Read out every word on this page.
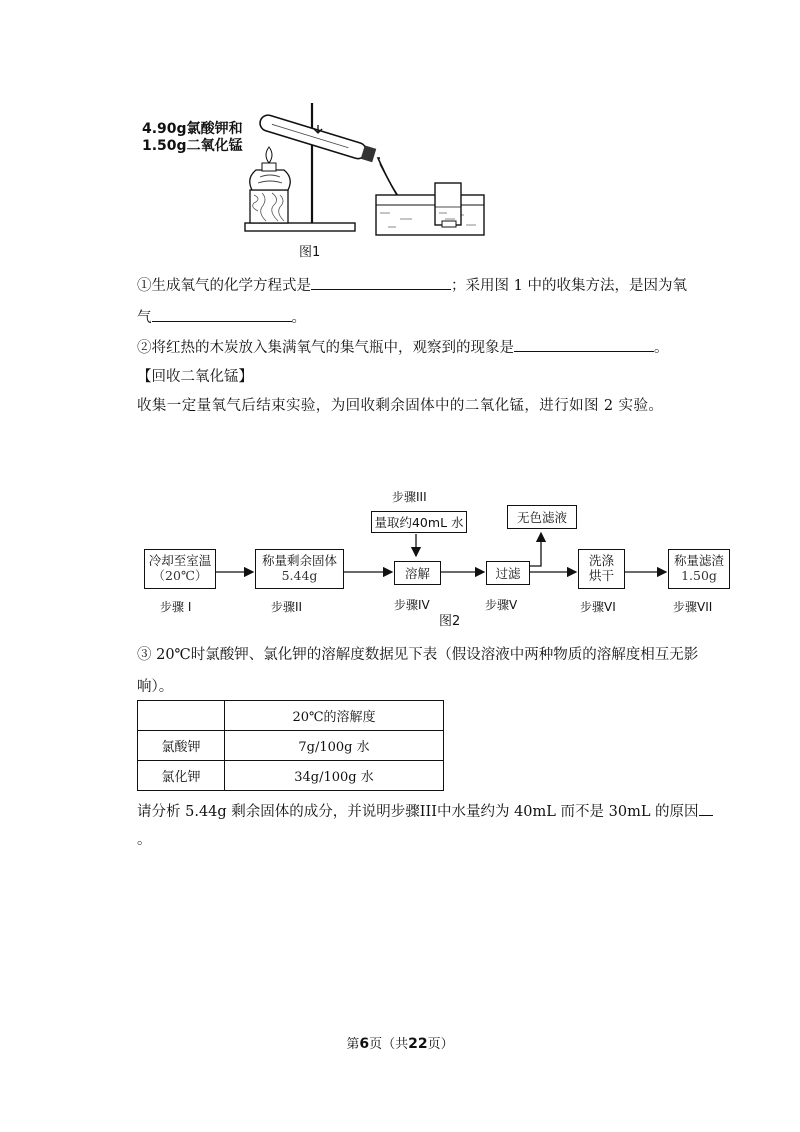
4.90g氯酸钾和
1.50g二氧化锰
图1
①生成氧气的化学方程式是	；采用图 1 中的收集方法，是因为氧
气	。
②将红热的木炭放入集满氧气的集气瓶中，观察到的现象是	。
【回收二氧化锰】
收集一定量氧气后结束实验，为回收剩余固体中的二氧化锰，进行如图 2 实验。
步骤III
量取约40mL 水	无色滤液
冷却至室温
（20℃）
步骤 I
称量剩余固体
5.44g
步骤II
溶解
步骤IV
过滤
步骤V
洗涤
烘干
步骤VI
称量滤渣
1.50g
步骤VII
图2
③ 20℃时氯酸钾、氯化钾的溶解度数据见下表（假设溶液中两种物质的溶解度相互无影
响）。
	20℃的溶解度
氯酸钾	7g/100g 水
氯化钾	34g/100g 水
请分析 5.44g 剩余固体的成分，并说明步骤III中水量约为 40mL 而不是 30mL 的原因
。
第6页（共22页）
